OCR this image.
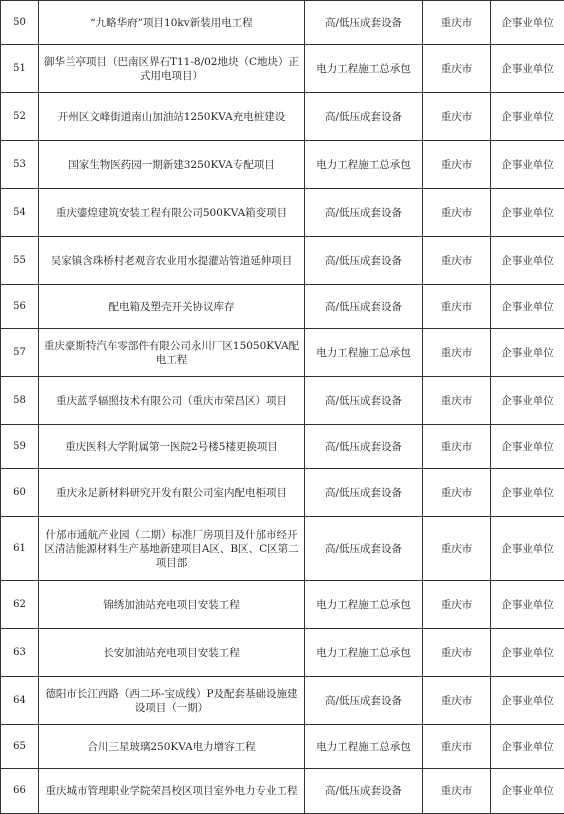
50	“九略华府”项目10kv新装用电工程	高/低压成套设备	重庆市	企事业单位
51	御华兰亭项目（巴南区界石T11-8/02地块（C地块）正式用电项目）	电力工程施工总承包	重庆市	企事业单位
52	开州区文峰街道南山加油站1250KVA充电桩建设	高/低压成套设备	重庆市	企事业单位
53	国家生物医药园一期新建3250KVA专配项目	电力工程施工总承包	重庆市	企事业单位
54	重庆鎏煌建筑安装工程有限公司500KVA箱变项目	高/低压成套设备	重庆市	企事业单位
55	吴家镇含珠桥村老观音农业用水提灌站管道延伸项目	高/低压成套设备	重庆市	企事业单位
56	配电箱及塑壳开关协议库存	高/低压成套设备	重庆市	企事业单位
57	重庆豪斯特汽车零部件有限公司永川厂区15050KVA配电工程	电力工程施工总承包	重庆市	企事业单位
58	重庆蓝孚辐照技术有限公司（重庆市荣昌区）项目	高/低压成套设备	重庆市	企事业单位
59	重庆医科大学附属第一医院2号楼5楼更换项目	高/低压成套设备	重庆市	企事业单位
60	重庆永足新材料研究开发有限公司室内配电柜项目	高/低压成套设备	重庆市	企事业单位
61	什邡市通航产业园（二期）标准厂房项目及什邡市经开区清洁能源材料生产基地新建项目A区、B区、C区第二项目部	高/低压成套设备	重庆市	企事业单位
62	锦绣加油站充电项目安装工程	电力工程施工总承包	重庆市	企事业单位
63	长安加油站充电项目安装工程	电力工程施工总承包	重庆市	企事业单位
64	德阳市长江西路（西二环-宝成线）P及配套基础设施建设项目（一期）	高/低压成套设备	重庆市	企事业单位
65	合川三星玻璃250KVA电力增容工程	电力工程施工总承包	重庆市	企事业单位
66	重庆城市管理职业学院荣昌校区项目室外电力专业工程	高/低压成套设备	重庆市	企事业单位
